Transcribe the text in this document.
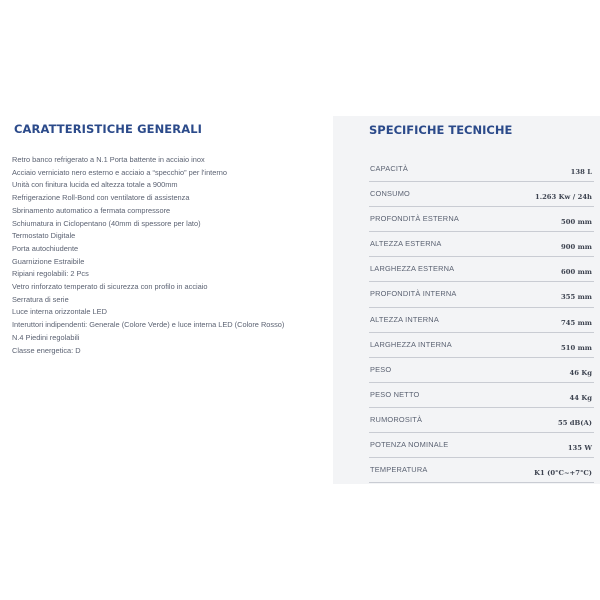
CARATTERISTICHE GENERALI
Retro banco refrigerato a N.1 Porta battente in acciaio inox
Acciaio verniciato nero esterno e acciaio a “specchio” per l'interno
Unità con finitura lucida ed altezza totale a 900mm
Refrigerazione Roll-Bond con ventilatore di assistenza
Sbrinamento automatico a fermata compressore
Schiumatura in Ciclopentano (40mm di spessore per lato)
Termostato Digitale
Porta autochiudente
Guarnizione Estraibile
Ripiani regolabili: 2 Pcs
Vetro rinforzato temperato di sicurezza con profilo in acciaio
Serratura di serie
Luce interna orizzontale LED
Interuttori indipendenti: Generale (Colore Verde) e luce interna LED (Colore Rosso)
N.4 Piedini regolabili
Classe energetica: D
SPECIFICHE TECNICHE
CAPACITÀ	138 L
CONSUMO	1.263 Kw / 24h
PROFONDITÀ ESTERNA	500 mm
ALTEZZA ESTERNA	900 mm
LARGHEZZA ESTERNA	600 mm
PROFONDITÀ INTERNA	355 mm
ALTEZZA INTERNA	745 mm
LARGHEZZA INTERNA	510 mm
PESO	46 Kg
PESO NETTO	44 Kg
RUMOROSITÀ	55 dB(A)
POTENZA NOMINALE	135 W
TEMPERATURA	K1 (0°C~+7°C)
